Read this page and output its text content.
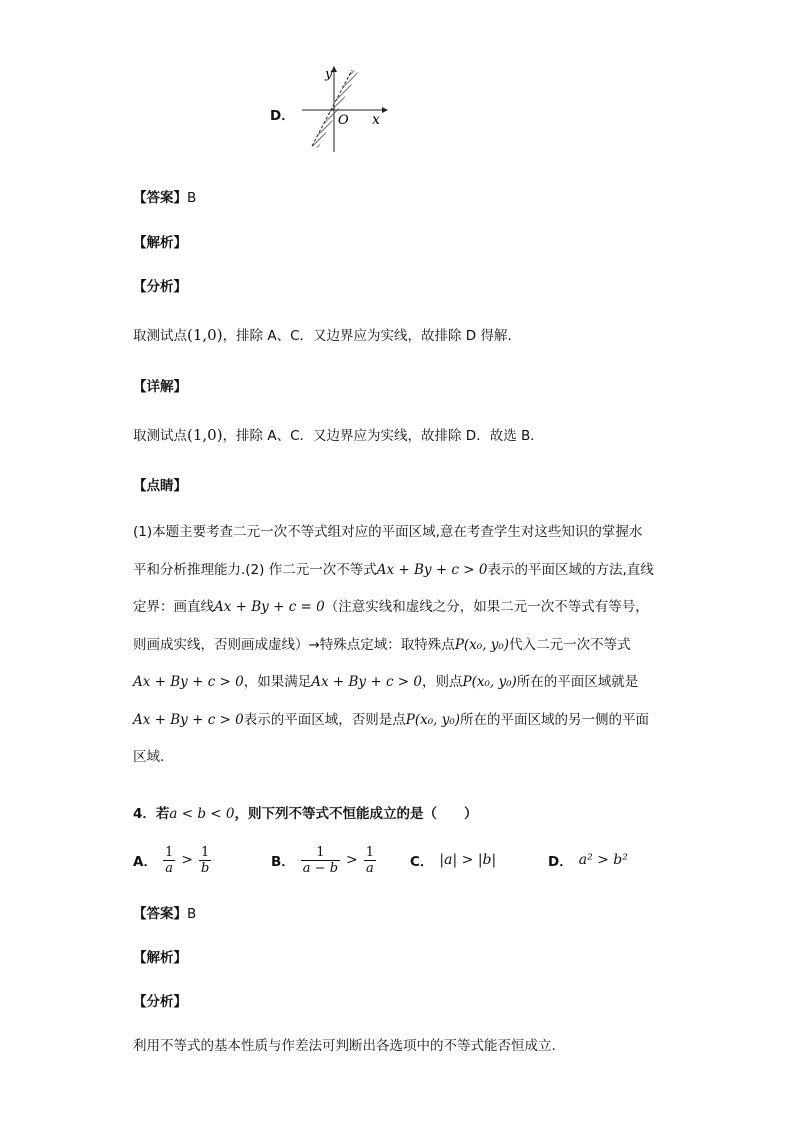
D．
y
x
O
【答案】B
【解析】
【分析】
取测试点(1,0)，排除 A、C．又边界应为实线，故排除 D 得解.
【详解】
取测试点(1,0)，排除 A、C．又边界应为实线，故排除 D．故选 B．
【点睛】
(1)本题主要考查二元一次不等式组对应的平面区域,意在考查学生对这些知识的掌握水
平和分析推理能力.(2) 作二元一次不等式Ax + By + c > 0表示的平面区域的方法,直线
定界：画直线Ax + By + c = 0（注意实线和虚线之分，如果二元一次不等式有等号，
则画成实线，否则画成虚线）→特殊点定域：取特殊点P(x₀, y₀)代入二元一次不等式
Ax + By + c > 0，如果满足Ax + By + c > 0，则点P(x₀, y₀)所在的平面区域就是
Ax + By + c > 0表示的平面区域，否则是点P(x₀, y₀)所在的平面区域的另一侧的平面
区域.
4．若a < b < 0，则下列不等式不恒能成立的是（　　）
A． $\frac{1}{a} > \frac{1}{b}$	B． $\frac{1}{a - b} > \frac{1}{a}$	C． |a| > |b|	D． a² > b²
【答案】B
【解析】
【分析】
利用不等式的基本性质与作差法可判断出各选项中的不等式能否恒成立.
